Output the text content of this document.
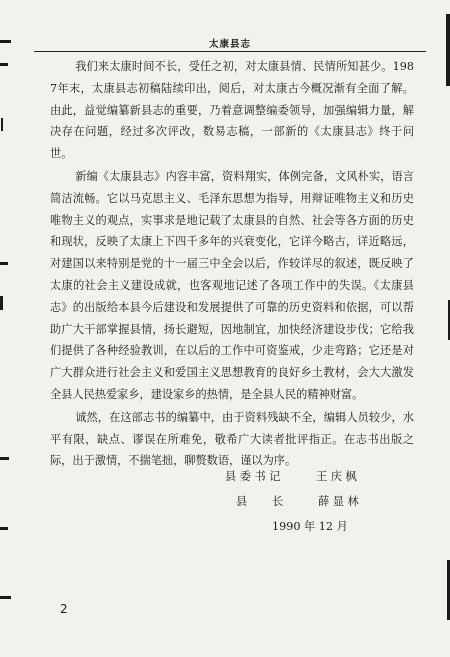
太康县志

我们来太康时间不长，受任之初，对太康县情、民情所知甚少。1987年末，太康县志初稿陆续印出，阅后，对太康古今概况渐有全面了解。由此，益觉编纂新县志的重要，乃着意调整编委领导，加强编辑力量，解决存在问题，经过多次评改，数易志稿，一部新的《太康县志》终于问世。

新编《太康县志》内容丰富，资料翔实，体例完备，文风朴实，语言简洁流畅。它以马克思主义、毛泽东思想为指导，用辩证唯物主义和历史唯物主义的观点，实事求是地记载了太康县的自然、社会等各方面的历史和现状，反映了太康上下四千多年的兴衰变化，它详今略古，详近略远，对建国以来特别是党的十一届三中全会以后，作较详尽的叙述，既反映了太康的社会主义建设成就，也客观地记述了各项工作中的失误。《太康县志》的出版给本县今后建设和发展提供了可靠的历史资料和依据，可以帮助广大干部掌握县情，扬长避短，因地制宜，加快经济建设步伐；它给我们提供了各种经验教训，在以后的工作中可资鉴戒，少走弯路；它还是对广大群众进行社会主义和爱国主义思想教育的良好乡土教材，会大大激发全县人民热爱家乡，建设家乡的热情，是全县人民的精神财富。

诚然，在这部志书的编纂中，由于资料残缺不全，编辑人员较少，水平有限，缺点、谬误在所难免，敬希广大读者批评指正。在志书出版之际，出于激情，不揣笔拙，聊赘数语，谨以为序。

县 委 书 记	王 庆 枫
县       长	薛 显 林
1990 年 12 月
2
